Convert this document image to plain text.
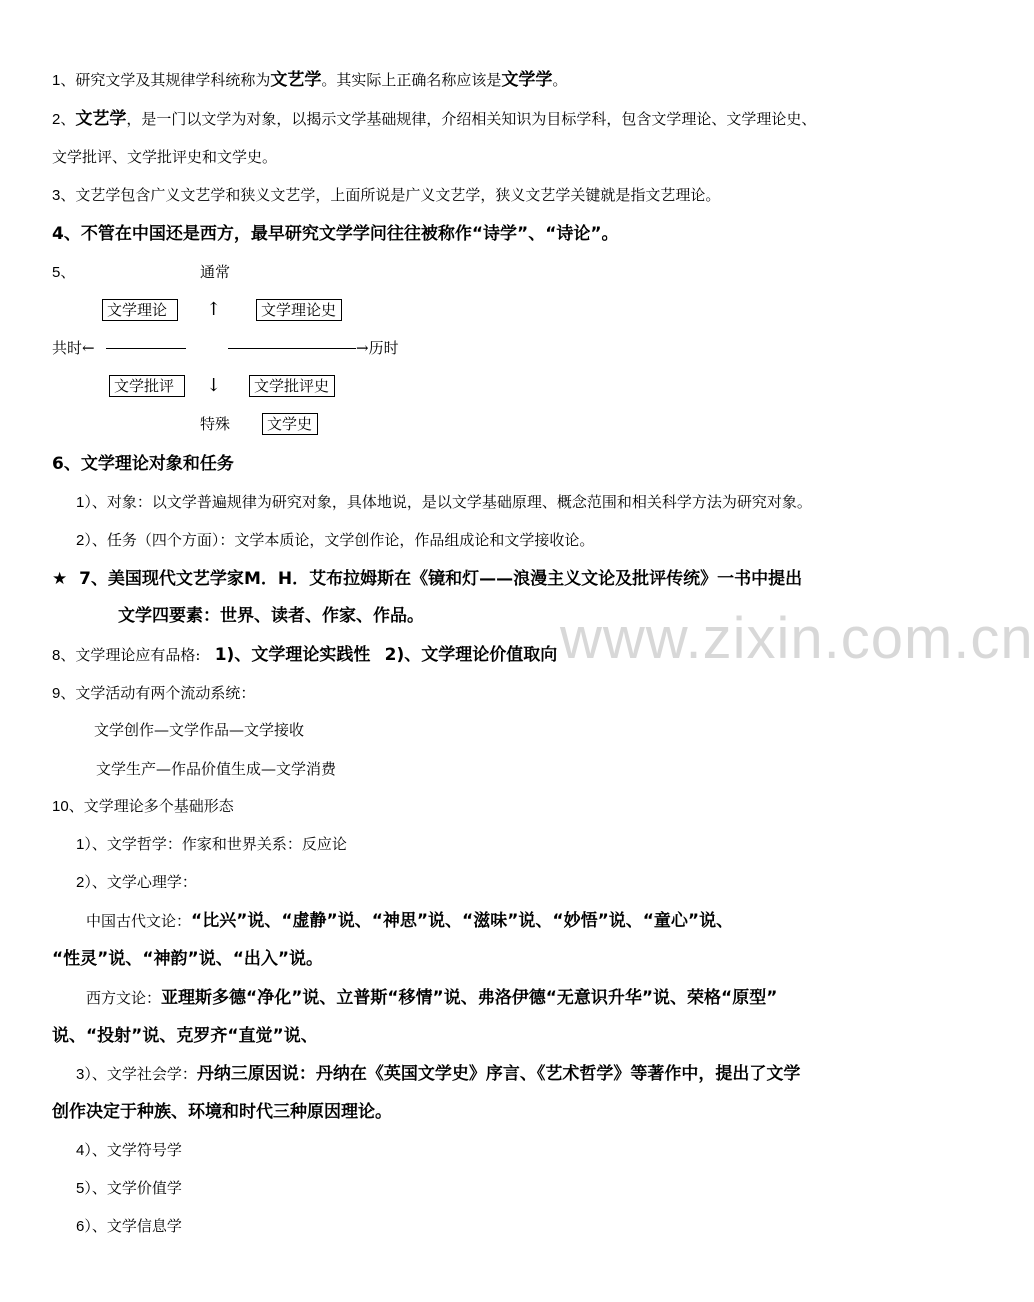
www.zixin.com.cn
1、研究文学及其规律学科统称为文艺学。其实际上正确名称应该是文学学。
2、文艺学，是一门以文学为对象，以揭示文学基础规律，介绍相关知识为目标学科，包含文学理论、文学理论史、
文学批评、文学批评史和文学史。
3、文艺学包含广义文艺学和狭义文艺学，上面所说是广义文艺学，狭义文艺学关键就是指文艺理论。
4、不管在中国还是西方，最早研究文学学问往往被称作“诗学”、“诗论”。
5、	通常
文学理论	↑	文学理论史
共时←	→历时
文学批评	↓	文学批评史
特殊	文学史
6、文学理论对象和任务
1）、对象：以文学普遍规律为研究对象，具体地说，是以文学基础原理、概念范围和相关科学方法为研究对象。
2）、任务（四个方面）：文学本质论，文学创作论，作品组成论和文学接收论。
★ 7、美国现代文艺学家M．H．艾布拉姆斯在《镜和灯——浪漫主义文论及批评传统》一书中提出
文学四要素：世界、读者、作家、作品。
8、文学理论应有品格: 1)、文学理论实践性 2)、文学理论价值取向
9、文学活动有两个流动系统：
文学创作—文学作品—文学接收
文学生产—作品价值生成—文学消费
10、文学理论多个基础形态
1）、文学哲学：作家和世界关系：反应论
2）、文学心理学：
中国古代文论：“比兴”说、“虚静”说、“神思”说、“滋味”说、“妙悟”说、“童心”说、
“性灵”说、“神韵”说、“出入”说。
西方文论：亚理斯多德“净化”说、立普斯“移情”说、弗洛伊德“无意识升华”说、荣格“原型”
说、“投射”说、克罗齐“直觉”说、
3）、文学社会学：丹纳三原因说：丹纳在《英国文学史》序言、《艺术哲学》等著作中，提出了文学
创作决定于种族、环境和时代三种原因理论。
4）、文学符号学
5）、文学价值学
6）、文学信息学
